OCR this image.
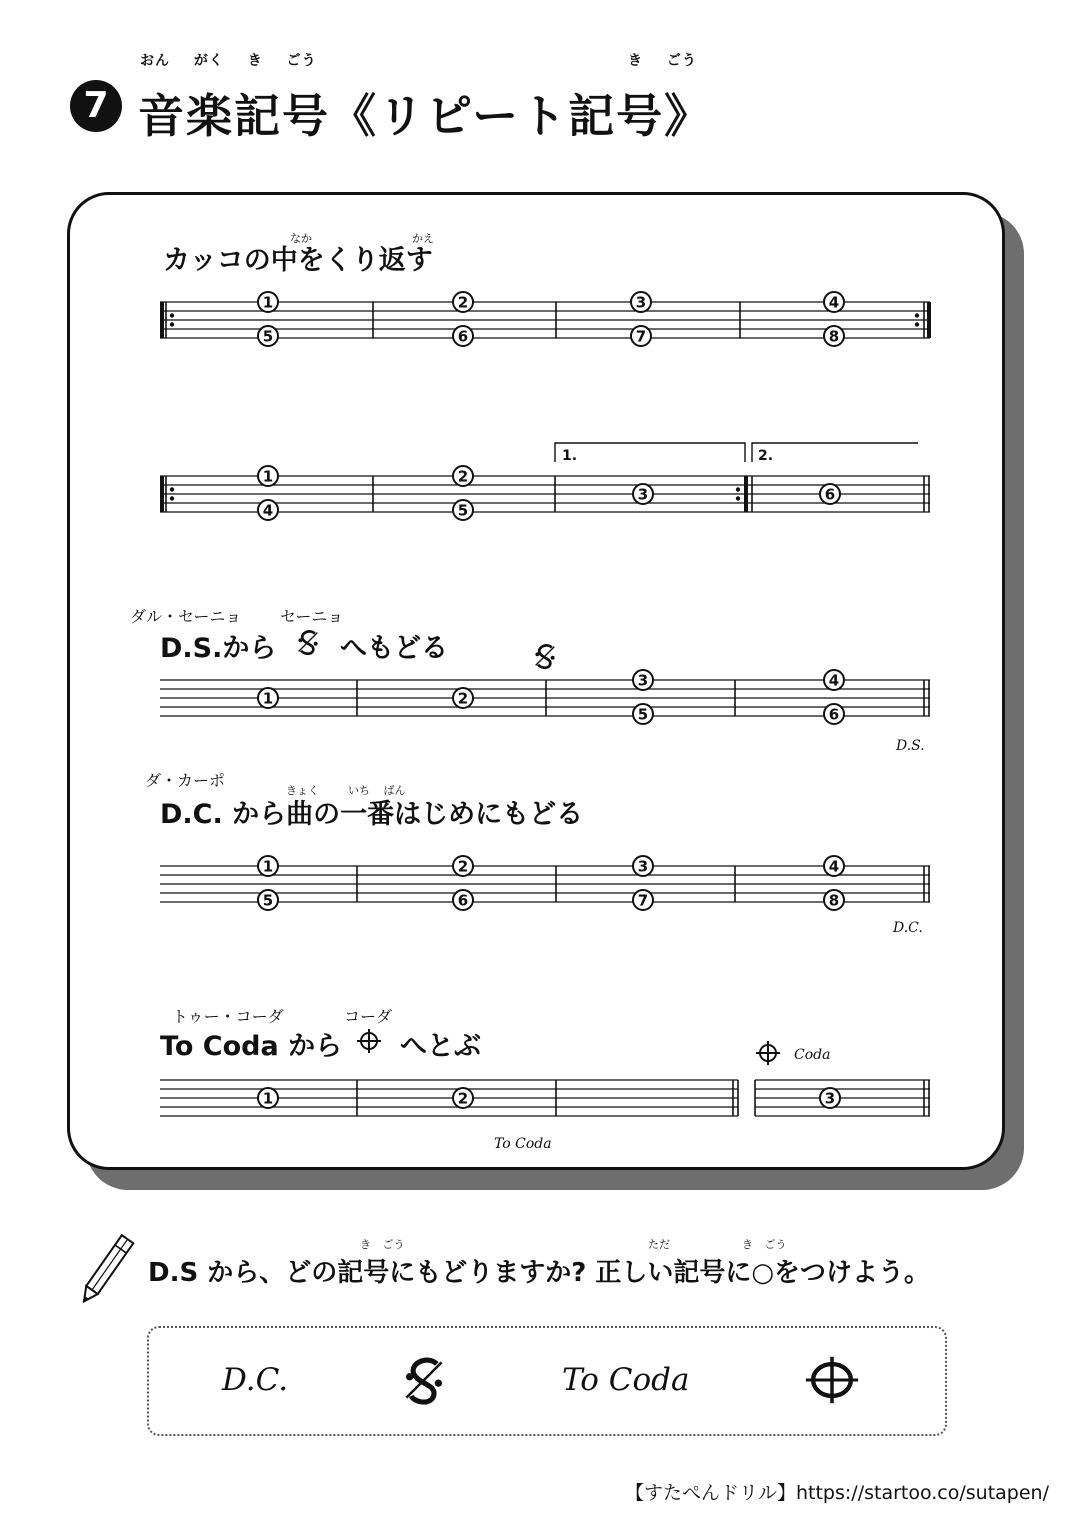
おん がく き ごう	き ごう
7 音楽記号《リピート記号》
なか	かえ
カッコの中をくり返す
ダル・セーニョ セーニョ
D.S.から へもどる
ダ・カーポ
きょく	いち ばん
D.C. から曲の一番はじめにもどる
トゥー・コーダ	コーダ
To Coda から へとぶ
D.S.
D.C.
Coda
To Coda
1
5
2
6
3
7
4
8
1
4
2
5
3	6
1.	2.
1	2
3
5
4
6
1
5
2
6
3
7
4
8
1	2	3
き ごう	ただ	き ごう
D.S から、どの記号にもどりますか? 正しい記号に○をつけよう。
D.C.	To Coda
【すたぺんドリル】https://startoo.co/sutapen/
